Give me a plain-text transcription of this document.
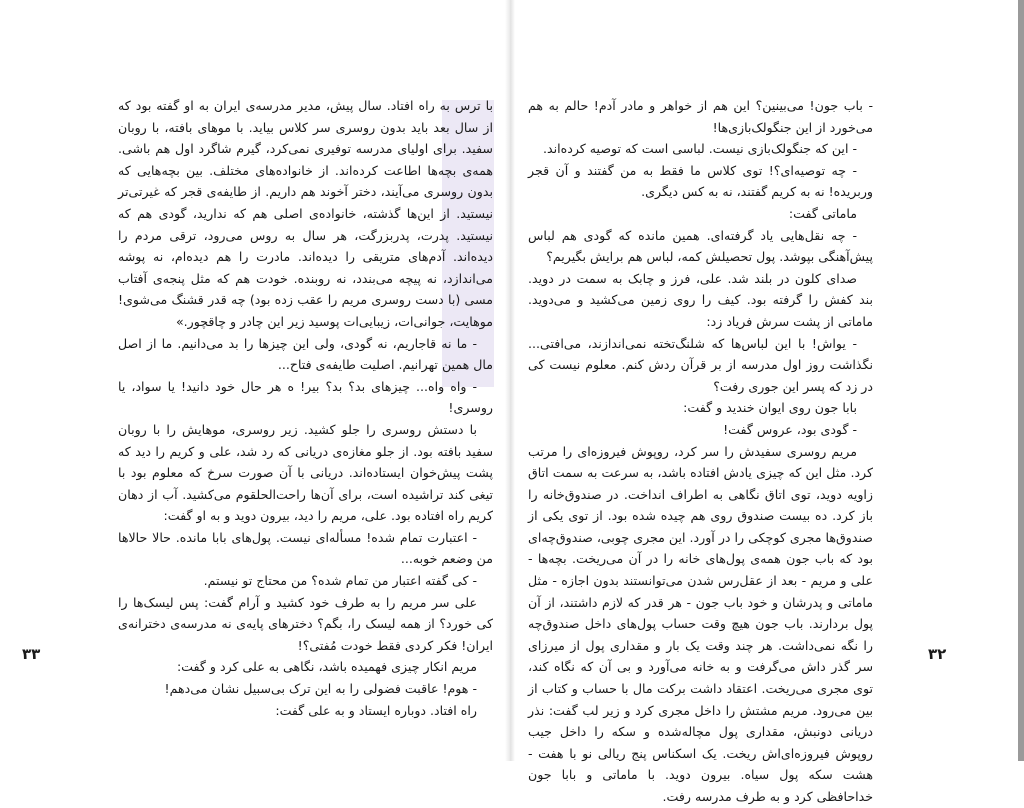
- باب جون! می‌بینین؟ این هم از خواهر و مادر آدم! حالم به هم می‌خورد از این جنگولک‌بازی‌ها!

- این که جنگولک‌بازی نیست. لباسی است که توصیه کرده‌اند.

- چه توصیه‌ای؟! توی کلاس ما فقط به من گفتند و آن قجر وربریده! نه به کریم گفتند، نه به کس دیگری.

ماماتی گفت:

- چه نقل‌هایی یاد گرفته‌ای. همین مانده که گودی هم لباس پیش‌آهنگی بپوشد. پول تحصیلش کمه، لباس هم برایش بگیریم؟

صدای کلون در بلند شد. علی، فرز و چابک به سمت در دوید. بند کفش را گرفته بود. کیف را روی زمین می‌کشید و می‌دوید. ماماتی از پشت سرش فریاد زد:

- یواش! با این لباس‌ها که شلنگ‌تخته نمی‌اندازند، می‌افتی... نگذاشت روز اول مدرسه از بر قرآن ردش کنم. معلوم نیست کی در زد که پسر این جوری رفت؟

بابا جون روی ایوان خندید و گفت:

- گودی بود، عروس گفت!

مریم روسری سفیدش را سر کرد، روپوش فیروزه‌ای را مرتب کرد. مثل این که چیزی یادش افتاده باشد، به سرعت به سمت اتاق زاویه دوید، توی اتاق نگاهی به اطراف انداخت. در صندوق‌خانه را باز کرد. ده بیست صندوق روی هم چیده شده بود. از توی یکی از صندوق‌ها مجری کوچکی را در آورد. این مجری چوبی، صندوق‌چه‌ای بود که باب جون همه‌ی پول‌های خانه را در آن می‌ریخت. بچه‌ها - علی و مریم - بعد از عقل‌رس شدن می‌توانستند بدون اجازه - مثل ماماتی و پدرشان و خود باب جون - هر قدر که لازم داشتند، از آن پول بردارند. باب جون هیچ وقت حساب پول‌های داخل صندوق‌چه را نگه نمی‌داشت. هر چند وقت یک بار و مقداری پول از میرزای سر گذر داش می‌گرفت و به خانه می‌آورد و بی آن که نگاه کند، توی مجری می‌ریخت. اعتقاد داشت برکت مال با حساب و کتاب از بین می‌رود. مریم مشتش را داخل مجری کرد و زیر لب گفت: نذر دریانی دونبش، مقداری پول مچاله‌شده و سکه را داخل جیب روپوش فیروزه‌ای‌اش ریخت. یک اسکناس پنج ریالی نو با هفت - هشت سکه پول سیاه. بیرون دوید. با ماماتی و بابا جون خداحافظی کرد و به طرف مدرسه رفت.

با ترس به راه افتاد. سال پیش، مدیر مدرسه‌ی ایران به او گفته بود که از سال بعد باید بدون روسری سر کلاس بیاید. با موهای بافته، با روبان سفید. برای اولیای مدرسه توفیری نمی‌کرد، گیرم شاگرد اول هم باشی. همه‌ی بچه‌ها اطاعت کرده‌اند. از خانواده‌های مختلف. بین بچه‌هایی که بدون روسری می‌آیند، دختر آخوند هم داریم. از طایفه‌ی قجر که غیرتی‌تر نیستید. از این‌ها گذشته، خانواده‌ی اصلی هم که ندارید، گودی هم که نیستید. پدرت، پدربزرگت، هر سال به روس می‌رود، ترقی مردم را دیده‌اند. آدم‌های متریقی را دیده‌اند. مادرت را هم دیده‌ام، نه پوشه می‌اندازد، نه پیچه می‌بندد، نه روبنده. خودت هم که مثل پنجه‌ی آفتاب مسی (با دست روسری مریم را عقب زده بود) چه قدر قشنگ می‌شوی! موهایت، جوانی‌ات، زیبایی‌ات پوسید زیر این چادر و چاقچور.»

- ما نه قاجاریم، نه گودی، ولی این چیزها را بد می‌دانیم. ما از اصل مال همین تهرانیم. اصلیت طایفه‌ی فتاح...

- واه واه... چیزهای بد؟ بد؟ بیر! ه هر حال خود دانید! یا سواد، یا روسری!

با دستش روسری را جلو کشید. زیر روسری، موهایش را با روبان سفید بافته بود. از جلو مغازه‌ی دریانی که رد شد، علی و کریم را دید که پشت پیش‌خوان ایستاده‌اند. دریانی با آن صورت سرخ که معلوم بود با تیغی کند تراشیده است، برای آن‌ها راحت‌الحلقوم می‌کشید. آب از دهان کریم راه افتاده بود. علی، مریم را دید، بیرون دوید و به او گفت:

- اعتبارت تمام شده! مسأله‌ای نیست. پول‌های بابا مانده. حالا حالاها من وضعم خوبه...

- کی گفته اعتبار من تمام شده؟ من محتاج تو نیستم.

علی سر مریم را به طرف خود کشید و آرام گفت: پس لیسک‌ها را کی خورد؟ از همه لیسک را، بگم؟ دخترهای پایه‌ی نه مدرسه‌ی دخترانه‌ی ایران! فکر کردی فقط خودت مُفتی؟!

مریم انکار چیزی فهمیده باشد، نگاهی به علی کرد و گفت:

- هوم! عاقبت فضولی را به این ترک بی‌سبیل نشان می‌دهم!

راه افتاد. دوباره ایستاد و به علی گفت:

۳۲
۳۳
